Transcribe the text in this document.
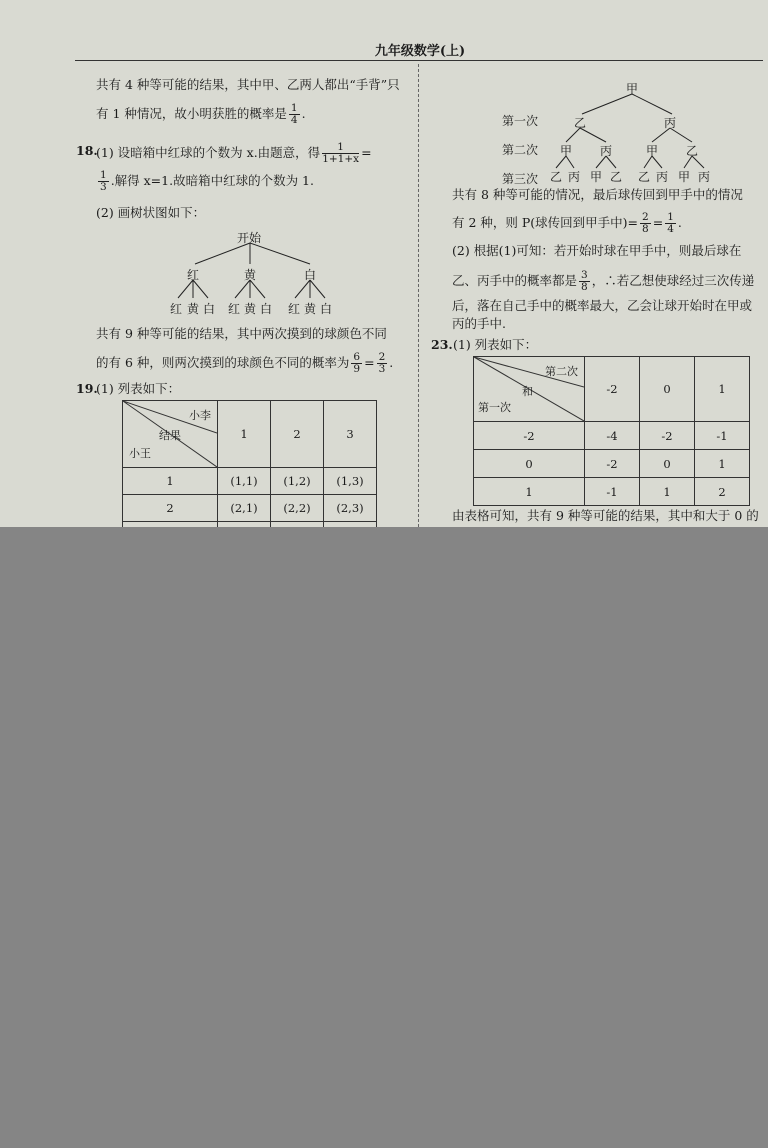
九年级数学(上)
共有 4 种等可能的结果，其中甲、乙两人都出“手背”只
有 1 种情况，故小明获胜的概率是 $\frac{1}{4}$ .
18.
(1) 设暗箱中红球的个数为 x.由题意，得 $\frac{1}{1+1+x}$ =
$\frac{1}{3}$ .解得 x=1.故暗箱中红球的个数为 1.
(2) 画树状图如下：
开始
红	黄	白
红 黄 白 红 黄 白 红 黄 白
共有 9 种等可能的结果，其中两次摸到的球颜色不同
的有 6 种，则两次摸到的球颜色不同的概率为 $\frac{6}{9} = \frac{2}{3}$ .
19.
(1) 列表如下：
小李
结果
小王	1	2	3
1	(1,1)	(1,2)	(1,3)
2	(2,1)	(2,2)	(2,3)

甲
第一次
第二次
第三次
乙	丙
甲 丙	甲 乙
乙 丙 甲 乙 乙 丙 甲 丙
共有 8 种等可能的情况，最后球传回到甲手中的情况
有 2 种，则 P(球传回到甲手中)= $\frac{2}{8} = \frac{1}{4}$ .
(2) 根据(1)可知：若开始时球在甲手中，则最后球在
乙、丙手中的概率都是 $\frac{3}{8}$ ，∴若乙想使球经过三次传递
后，落在自己手中的概率最大，乙会让球开始时在甲或
丙的手中.
23. (1) 列表如下：
第二次
和
第一次	-2	0	1
-2	-4	-2	-1
0	-2	0	1
1	-1	1	2
由表格可知，共有 9 种等可能的结果，其中和大于 0 的
